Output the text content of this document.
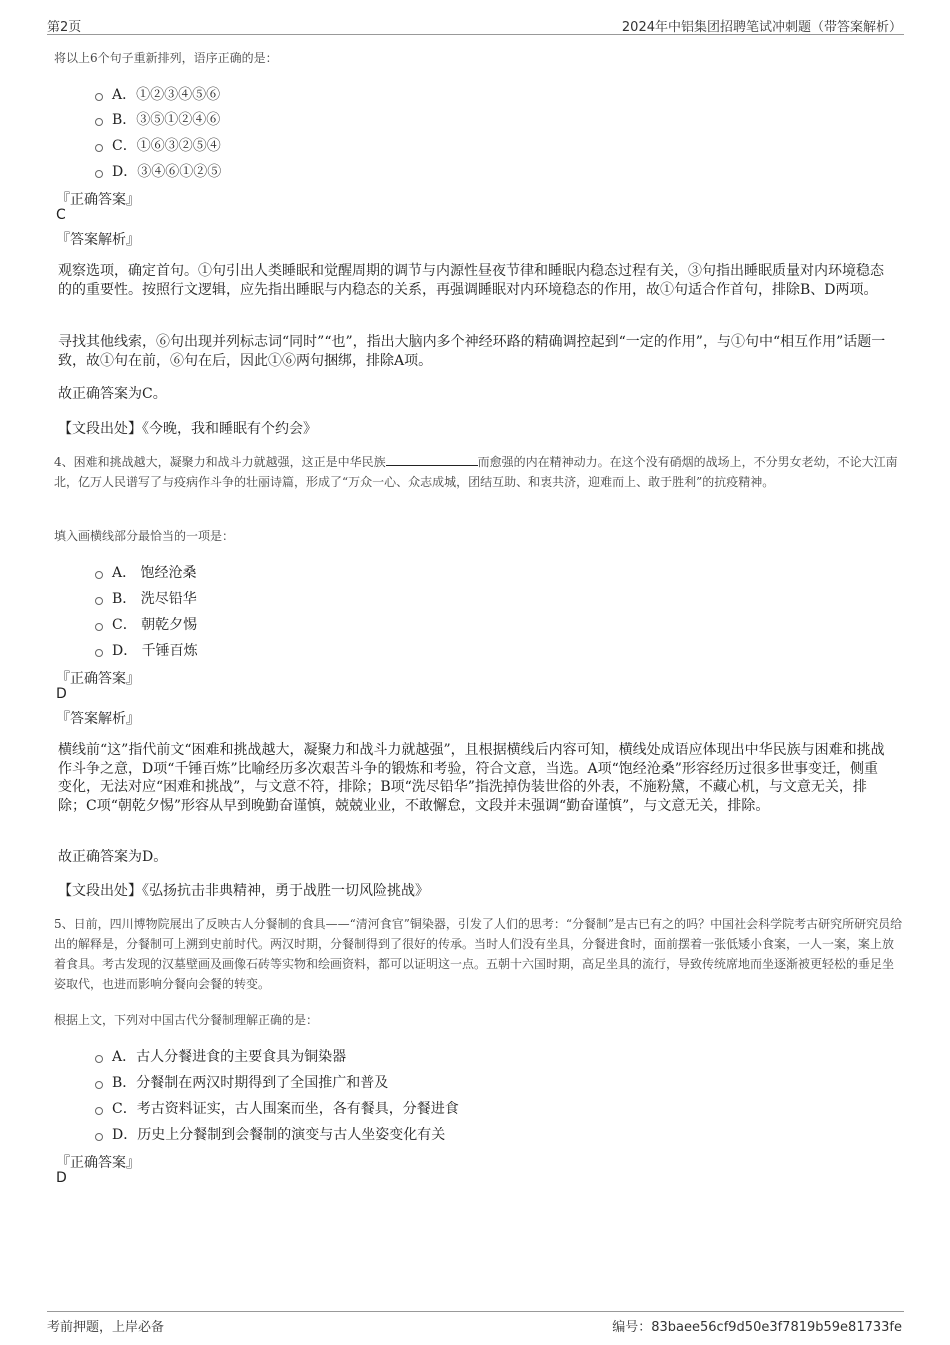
第2页	2024年中铝集团招聘笔试冲刺题（带答案解析）
将以上6个句子重新排列，语序正确的是：
A．①②③④⑤⑥
B．③⑤①②④⑥
C．①⑥③②⑤④
D．③④⑥①②⑤
『正确答案』
C
『答案解析』
观察选项，确定首句。①句引出人类睡眠和觉醒周期的调节与内源性昼夜节律和睡眠内稳态过程有关，③句指出睡眠质量对内环境稳态的的重要性。按照行文逻辑，应先指出睡眠与内稳态的关系，再强调睡眠对内环境稳态的作用，故①句适合作首句，排除B、D两项。
寻找其他线索，⑥句出现并列标志词“同时”“也”，指出大脑内多个神经环路的精确调控起到“一定的作用”，与①句中“相互作用”话题一致，故①句在前，⑥句在后，因此①⑥两句捆绑，排除A项。
故正确答案为C。
【文段出处】《今晚，我和睡眠有个约会》
4、困难和挑战越大，凝聚力和战斗力就越强，这正是中华民族	而愈强的内在精神动力。在这个没有硝烟的战场上，不分男女老幼，不论大江南北，亿万人民谱写了与疫病作斗争的壮丽诗篇，形成了“万众一心、众志成城，团结互助、和衷共济，迎难而上、敢于胜利”的抗疫精神。
填入画横线部分最恰当的一项是：
A． 饱经沧桑
B． 洗尽铅华
C． 朝乾夕惕
D． 千锤百炼
『正确答案』
D
『答案解析』
横线前“这”指代前文“困难和挑战越大，凝聚力和战斗力就越强”，且根据横线后内容可知，横线处成语应体现出中华民族与困难和挑战作斗争之意，D项“千锤百炼”比喻经历多次艰苦斗争的锻炼和考验，符合文意，当选。A项“饱经沧桑”形容经历过很多世事变迁，侧重变化，无法对应“困难和挑战”，与文意不符，排除；B项“洗尽铅华”指洗掉伪装世俗的外表，不施粉黛，不藏心机，与文意无关，排除；C项“朝乾夕惕”形容从早到晚勤奋谨慎，兢兢业业，不敢懈怠，文段并未强调“勤奋谨慎”，与文意无关，排除。
故正确答案为D。
【文段出处】《弘扬抗击非典精神，勇于战胜一切风险挑战》
5、日前，四川博物院展出了反映古人分餐制的食具——“清河食官”铜染器，引发了人们的思考：“分餐制”是古已有之的吗？中国社会科学院考古研究所研究员给出的解释是，分餐制可上溯到史前时代。两汉时期，分餐制得到了很好的传承。当时人们没有坐具，分餐进食时，面前摆着一张低矮小食案，一人一案，案上放着食具。考古发现的汉墓壁画及画像石砖等实物和绘画资料，都可以证明这一点。五朝十六国时期，高足坐具的流行，导致传统席地而坐逐渐被更轻松的垂足坐姿取代，也进而影响分餐向会餐的转变。
根据上文，下列对中国古代分餐制理解正确的是：
A．古人分餐进食的主要食具为铜染器
B．分餐制在两汉时期得到了全国推广和普及
C．考古资料证实，古人围案而坐，各有餐具，分餐进食
D．历史上分餐制到会餐制的演变与古人坐姿变化有关
『正确答案』
D
考前押题，上岸必备	编号：83baee56cf9d50e3f7819b59e81733fe
